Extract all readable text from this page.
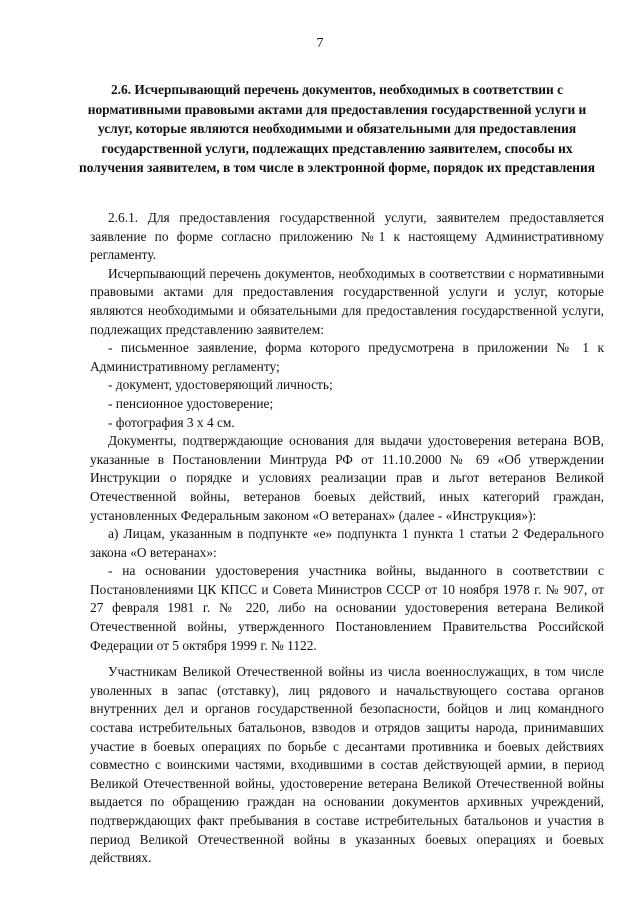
7
2.6. Исчерпывающий перечень документов, необходимых в соответствии с нормативными правовыми актами для предоставления государственной услуги и услуг, которые являются необходимыми и обязательными для предоставления государственной услуги, подлежащих представлению заявителем, способы их получения заявителем, в том числе в электронной форме, порядок их представления

2.6.1. Для предоставления государственной услуги, заявителем предоставляется заявление по форме согласно приложению №1 к настоящему Административному регламенту.

Исчерпывающий перечень документов, необходимых в соответствии с нормативными правовыми актами для предоставления государственной услуги и услуг, которые являются необходимыми и обязательными для предоставления государственной услуги, подлежащих представлению заявителем:

- письменное заявление, форма которого предусмотрена в приложении № 1 к Административному регламенту;

- документ, удостоверяющий личность;

- пенсионное удостоверение;

- фотография 3 х 4 см.

Документы, подтверждающие основания для выдачи удостоверения ветерана ВОВ, указанные в Постановлении Минтруда РФ от 11.10.2000 № 69 «Об утверждении Инструкции о порядке и условиях реализации прав и льгот ветеранов Великой Отечественной войны, ветеранов боевых действий, иных категорий граждан, установленных Федеральным законом «О ветеранах» (далее - «Инструкция»):

а) Лицам, указанным в подпункте «е» подпункта 1 пункта 1 статьи 2 Федерального закона «О ветеранах»:

- на основании удостоверения участника войны, выданного в соответствии с Постановлениями ЦК КПСС и Совета Министров СССР от 10 ноября 1978 г. № 907, от 27 февраля 1981 г. № 220, либо на основании удостоверения ветерана Великой Отечественной войны, утвержденного Постановлением Правительства Российской Федерации от 5 октября 1999 г. № 1122.

Участникам Великой Отечественной войны из числа военнослужащих, в том числе уволенных в запас (отставку), лиц рядового и начальствующего состава органов внутренних дел и органов государственной безопасности, бойцов и лиц командного состава истребительных батальонов, взводов и отрядов защиты народа, принимавших участие в боевых операциях по борьбе с десантами противника и боевых действиях совместно с воинскими частями, входившими в состав действующей армии, в период Великой Отечественной войны, удостоверение ветерана Великой Отечественной войны выдается по обращению граждан на основании документов архивных учреждений, подтверждающих факт пребывания в составе истребительных батальонов и участия в период Великой Отечественной войны в указанных боевых операциях и боевых действиях.
